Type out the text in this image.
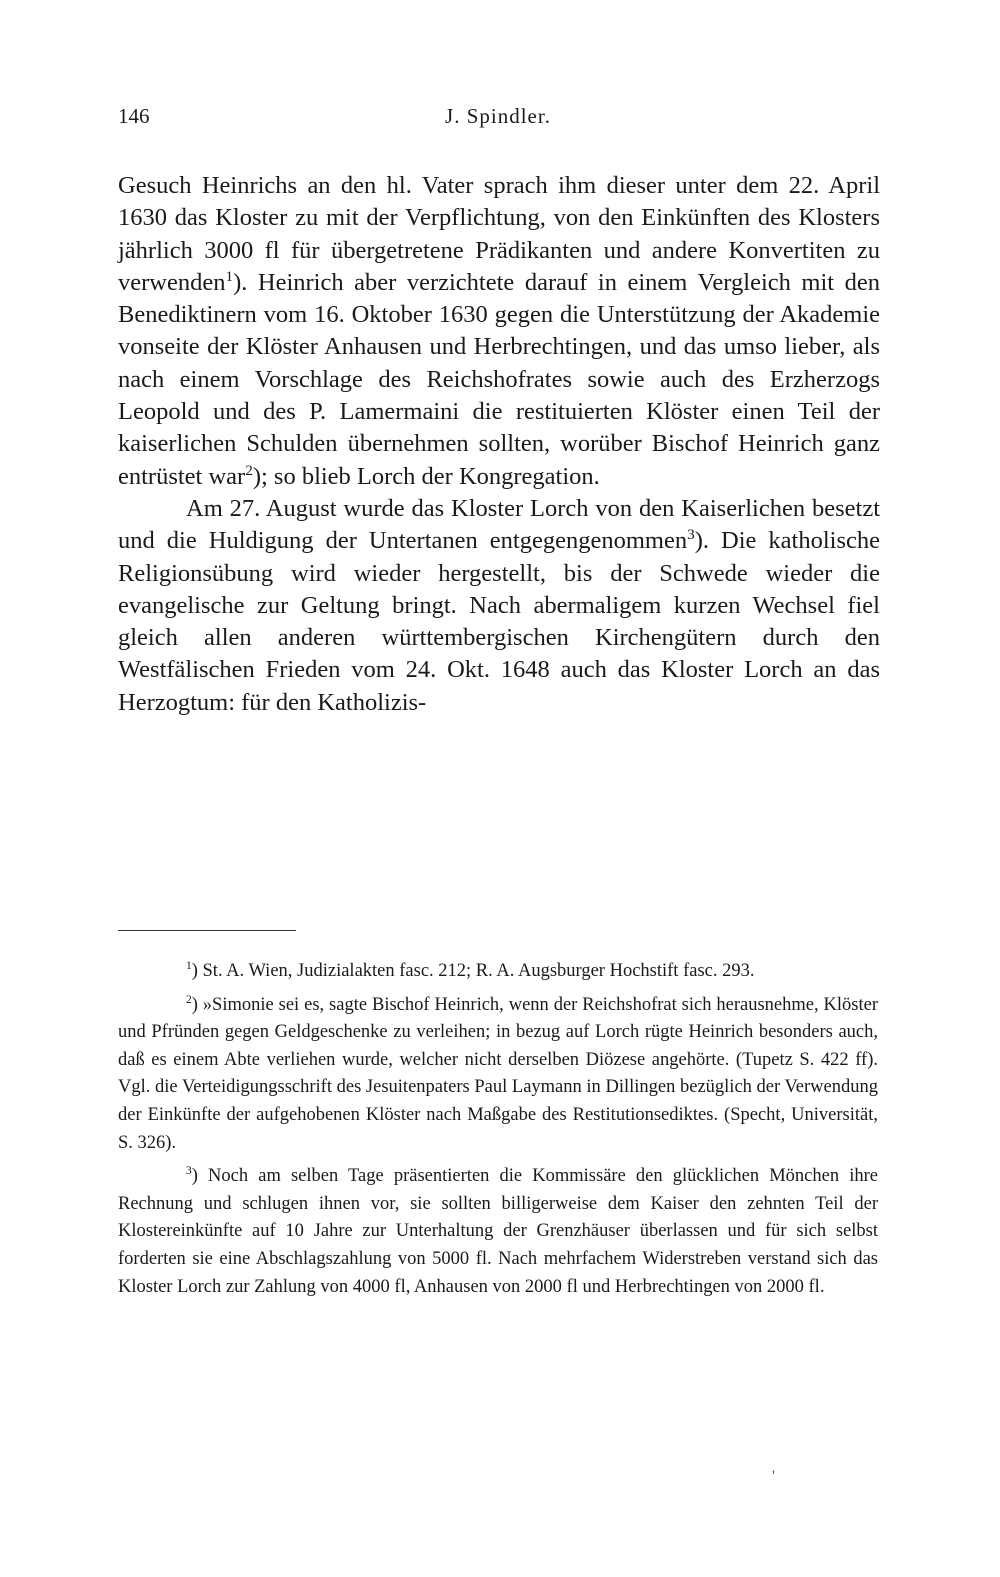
146	J. Spindler.

Gesuch Heinrichs an den hl. Vater sprach ihm dieser unter dem 22. April 1630 das Kloster zu mit der Verpflichtung, von den Einkünften des Klosters jährlich 3000 fl für übergetretene Prädikanten und andere Konvertiten zu verwenden$^1$). Heinrich aber verzichtete darauf in einem Vergleich mit den Benediktinern vom 16. Oktober 1630 gegen die Unterstützung der Akademie vonseite der Klöster Anhausen und Herbrechtingen, und das umso lieber, als nach einem Vorschlage des Reichshofrates sowie auch des Erzherzogs Leopold und des P. Lamermaini die restituierten Klöster einen Teil der kaiserlichen Schulden übernehmen sollten, worüber Bischof Heinrich ganz entrüstet war$^2$); so blieb Lorch der Kongregation.

Am 27. August wurde das Kloster Lorch von den Kaiserlichen besetzt und die Huldigung der Untertanen entgegengenommen$^3$). Die katholische Religionsübung wird wieder hergestellt, bis der Schwede wieder die evangelische zur Geltung bringt. Nach abermaligem kurzen Wechsel fiel gleich allen anderen württembergischen Kirchengütern durch den Westfälischen Frieden vom 24. Okt. 1648 auch das Kloster Lorch an das Herzogtum: für den Katholizis-

$^1$) St. A. Wien, Judizialakten fasc. 212; R. A. Augsburger Hochstift fasc. 293.

$^2$) »Simonie sei es, sagte Bischof Heinrich, wenn der Reichshofrat sich herausnehme, Klöster und Pfründen gegen Geldgeschenke zu verleihen; in bezug auf Lorch rügte Heinrich besonders auch, daß es einem Abte verliehen wurde, welcher nicht derselben Diözese angehörte. (Tupetz S. 422 ff). Vgl. die Verteidigungsschrift des Jesuitenpaters Paul Laymann in Dillingen bezüglich der Verwendung der Einkünfte der aufgehobenen Klöster nach Maßgabe des Restitutionsediktes. (Specht, Universität, S. 326).

$^3$) Noch am selben Tage präsentierten die Kommissäre den glücklichen Mönchen ihre Rechnung und schlugen ihnen vor, sie sollten billigerweise dem Kaiser den zehnten Teil der Klostereinkünfte auf 10 Jahre zur Unterhaltung der Grenzhäuser überlassen und für sich selbst forderten sie eine Abschlagszahlung von 5000 fl. Nach mehrfachem Widerstreben verstand sich das Kloster Lorch zur Zahlung von 4000 fl, Anhausen von 2000 fl und Herbrechtingen von 2000 fl.

'
